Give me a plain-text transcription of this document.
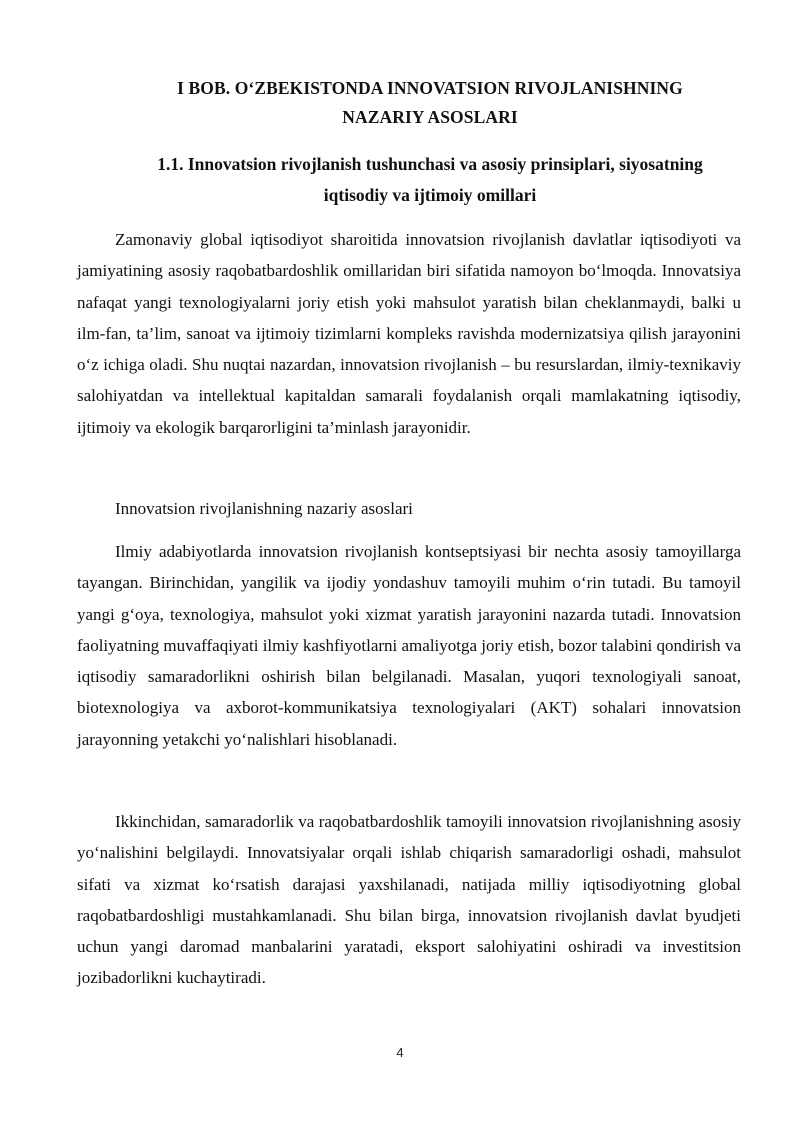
I BOB. O‘ZBEKISTONDA INNOVATSION RIVOJLANISHNING
NAZARIY ASOSLARI
1.1. Innovatsion rivojlanish tushunchasi va asosiy prinsiplari, siyosatning
iqtisodiy va ijtimoiy omillari

Zamonaviy global iqtisodiyot sharoitida innovatsion rivojlanish davlatlar iqtisodiyoti va jamiyatining asosiy raqobatbardoshlik omillaridan biri sifatida namoyon bo‘lmoqda. Innovatsiya nafaqat yangi texnologiyalarni joriy etish yoki mahsulot yaratish bilan cheklanmaydi, balki u ilm-fan, ta’lim, sanoat va ijtimoiy tizimlarni kompleks ravishda modernizatsiya qilish jarayonini o‘z ichiga oladi. Shu nuqtai nazardan, innovatsion rivojlanish – bu resurslardan, ilmiy-texnikaviy salohiyatdan va intellektual kapitaldan samarali foydalanish orqali mamlakatning iqtisodiy, ijtimoiy va ekologik barqarorligini ta’minlash jarayonidir.

Innovatsion rivojlanishning nazariy asoslari

Ilmiy adabiyotlarda innovatsion rivojlanish kontseptsiyasi bir nechta asosiy tamoyillarga tayangan. Birinchidan, yangilik va ijodiy yondashuv tamoyili muhim o‘rin tutadi. Bu tamoyil yangi g‘oya, texnologiya, mahsulot yoki xizmat yaratish jarayonini nazarda tutadi. Innovatsion faoliyatning muvaffaqiyati ilmiy kashfiyotlarni amaliyotga joriy etish, bozor talabini qondirish va iqtisodiy samaradorlikni oshirish bilan belgilanadi. Masalan, yuqori texnologiyali sanoat, biotexnologiya va axborot-kommunikatsiya texnologiyalari (AKT) sohalari innovatsion jarayonning yetakchi yo‘nalishlari hisoblanadi.

Ikkinchidan, samaradorlik va raqobatbardoshlik tamoyili innovatsion rivojlanishning asosiy yo‘nalishini belgilaydi. Innovatsiyalar orqali ishlab chiqarish samaradorligi oshadi, mahsulot sifati va xizmat ko‘rsatish darajasi yaxshilanadi, natijada milliy iqtisodiyotning global raqobatbardoshligi mustahkamlanadi. Shu bilan birga, innovatsion rivojlanish davlat byudjeti uchun yangi daromad manbalarini yaratadi, eksport salohiyatini oshiradi va investitsion jozibadorlikni kuchaytiradi.

4
